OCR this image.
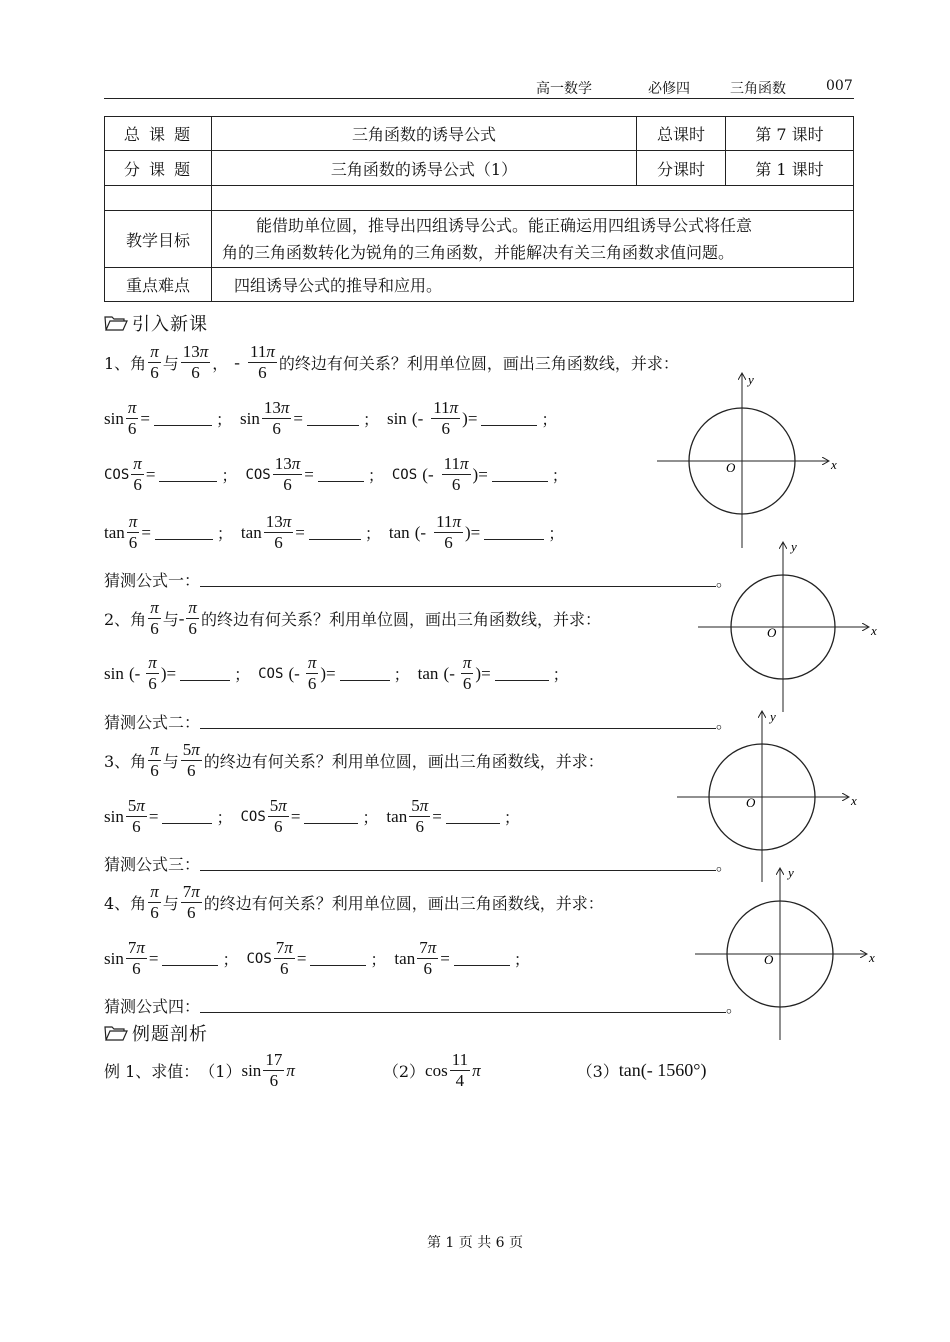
高一数学	必修四	三角函数	007
总 课 题	三角函数的诱导公式	总课时	第 7 课时
分 课 题	三角函数的诱导公式（1）	分课时	第 1 课时

教学目标	能借助单位圆，推导出四组诱导公式。能正确运用四组诱导公式将任意
角的三角函数转化为锐角的三角函数，并能解决有关三角函数求值问题。		

重点难点	四组诱导公式的推导和应用。		
引入新课
1、角 $\frac{\pi}{6}$ 与 $\frac{13\pi}{6}$ ， - $\frac{11\pi}{6}$ 的终边有何关系？利用单位圆，画出三角函数线，并求：
$\sin \frac{\pi}{6}$ =	； $\sin \frac{13\pi}{6}$ =	； sin
( - $\frac{11\pi}{6}$ ) =	；
COS $\frac{\pi}{6}$ =	； COS $\frac{13\pi}{6}$ =	； COS
( - $\frac{11\pi}{6}$ ) =	；
$\tan \frac{\pi}{6}$ =	； $\tan \frac{13\pi}{6}$ =	； tan
( - $\frac{11\pi}{6}$ ) =	；
猜测公式一：	。
2、角 $\frac{\pi}{6}$ 与 - $\frac{\pi}{6}$ 的终边有何关系？利用单位圆，画出三角函数线，并求：
sin
( - $\frac{\pi}{6}$ ) =	； COS
( - $\frac{\pi}{6}$ ) =	； tan
( - $\frac{\pi}{6}$ ) =	；
猜测公式二：	。
3、角 $\frac{\pi}{6}$ 与 $\frac{5\pi}{6}$ 的终边有何关系？利用单位圆，画出三角函数线，并求：
$\sin \frac{5\pi}{6}$ =	； COS $\frac{5\pi}{6}$ =	； $\tan \frac{5\pi}{6}$ =	；
猜测公式三：	。
4、角 $\frac{\pi}{6}$ 与 $\frac{7\pi}{6}$ 的终边有何关系？利用单位圆，画出三角函数线，并求：
$\sin \frac{7\pi}{6}$ =	； COS $\frac{7\pi}{6}$ =	； $\tan \frac{7\pi}{6}$ =	；
猜测公式四：	。
例题剖析
例 1、求值： （1） $\sin \frac{17}{6}$ π	（2） $\cos \frac{11}{4}$ π	（3） tan(- 1560°)
x
y
O
x
y
O
x
y
O
x
y
O
第 1 页 共 6 页
